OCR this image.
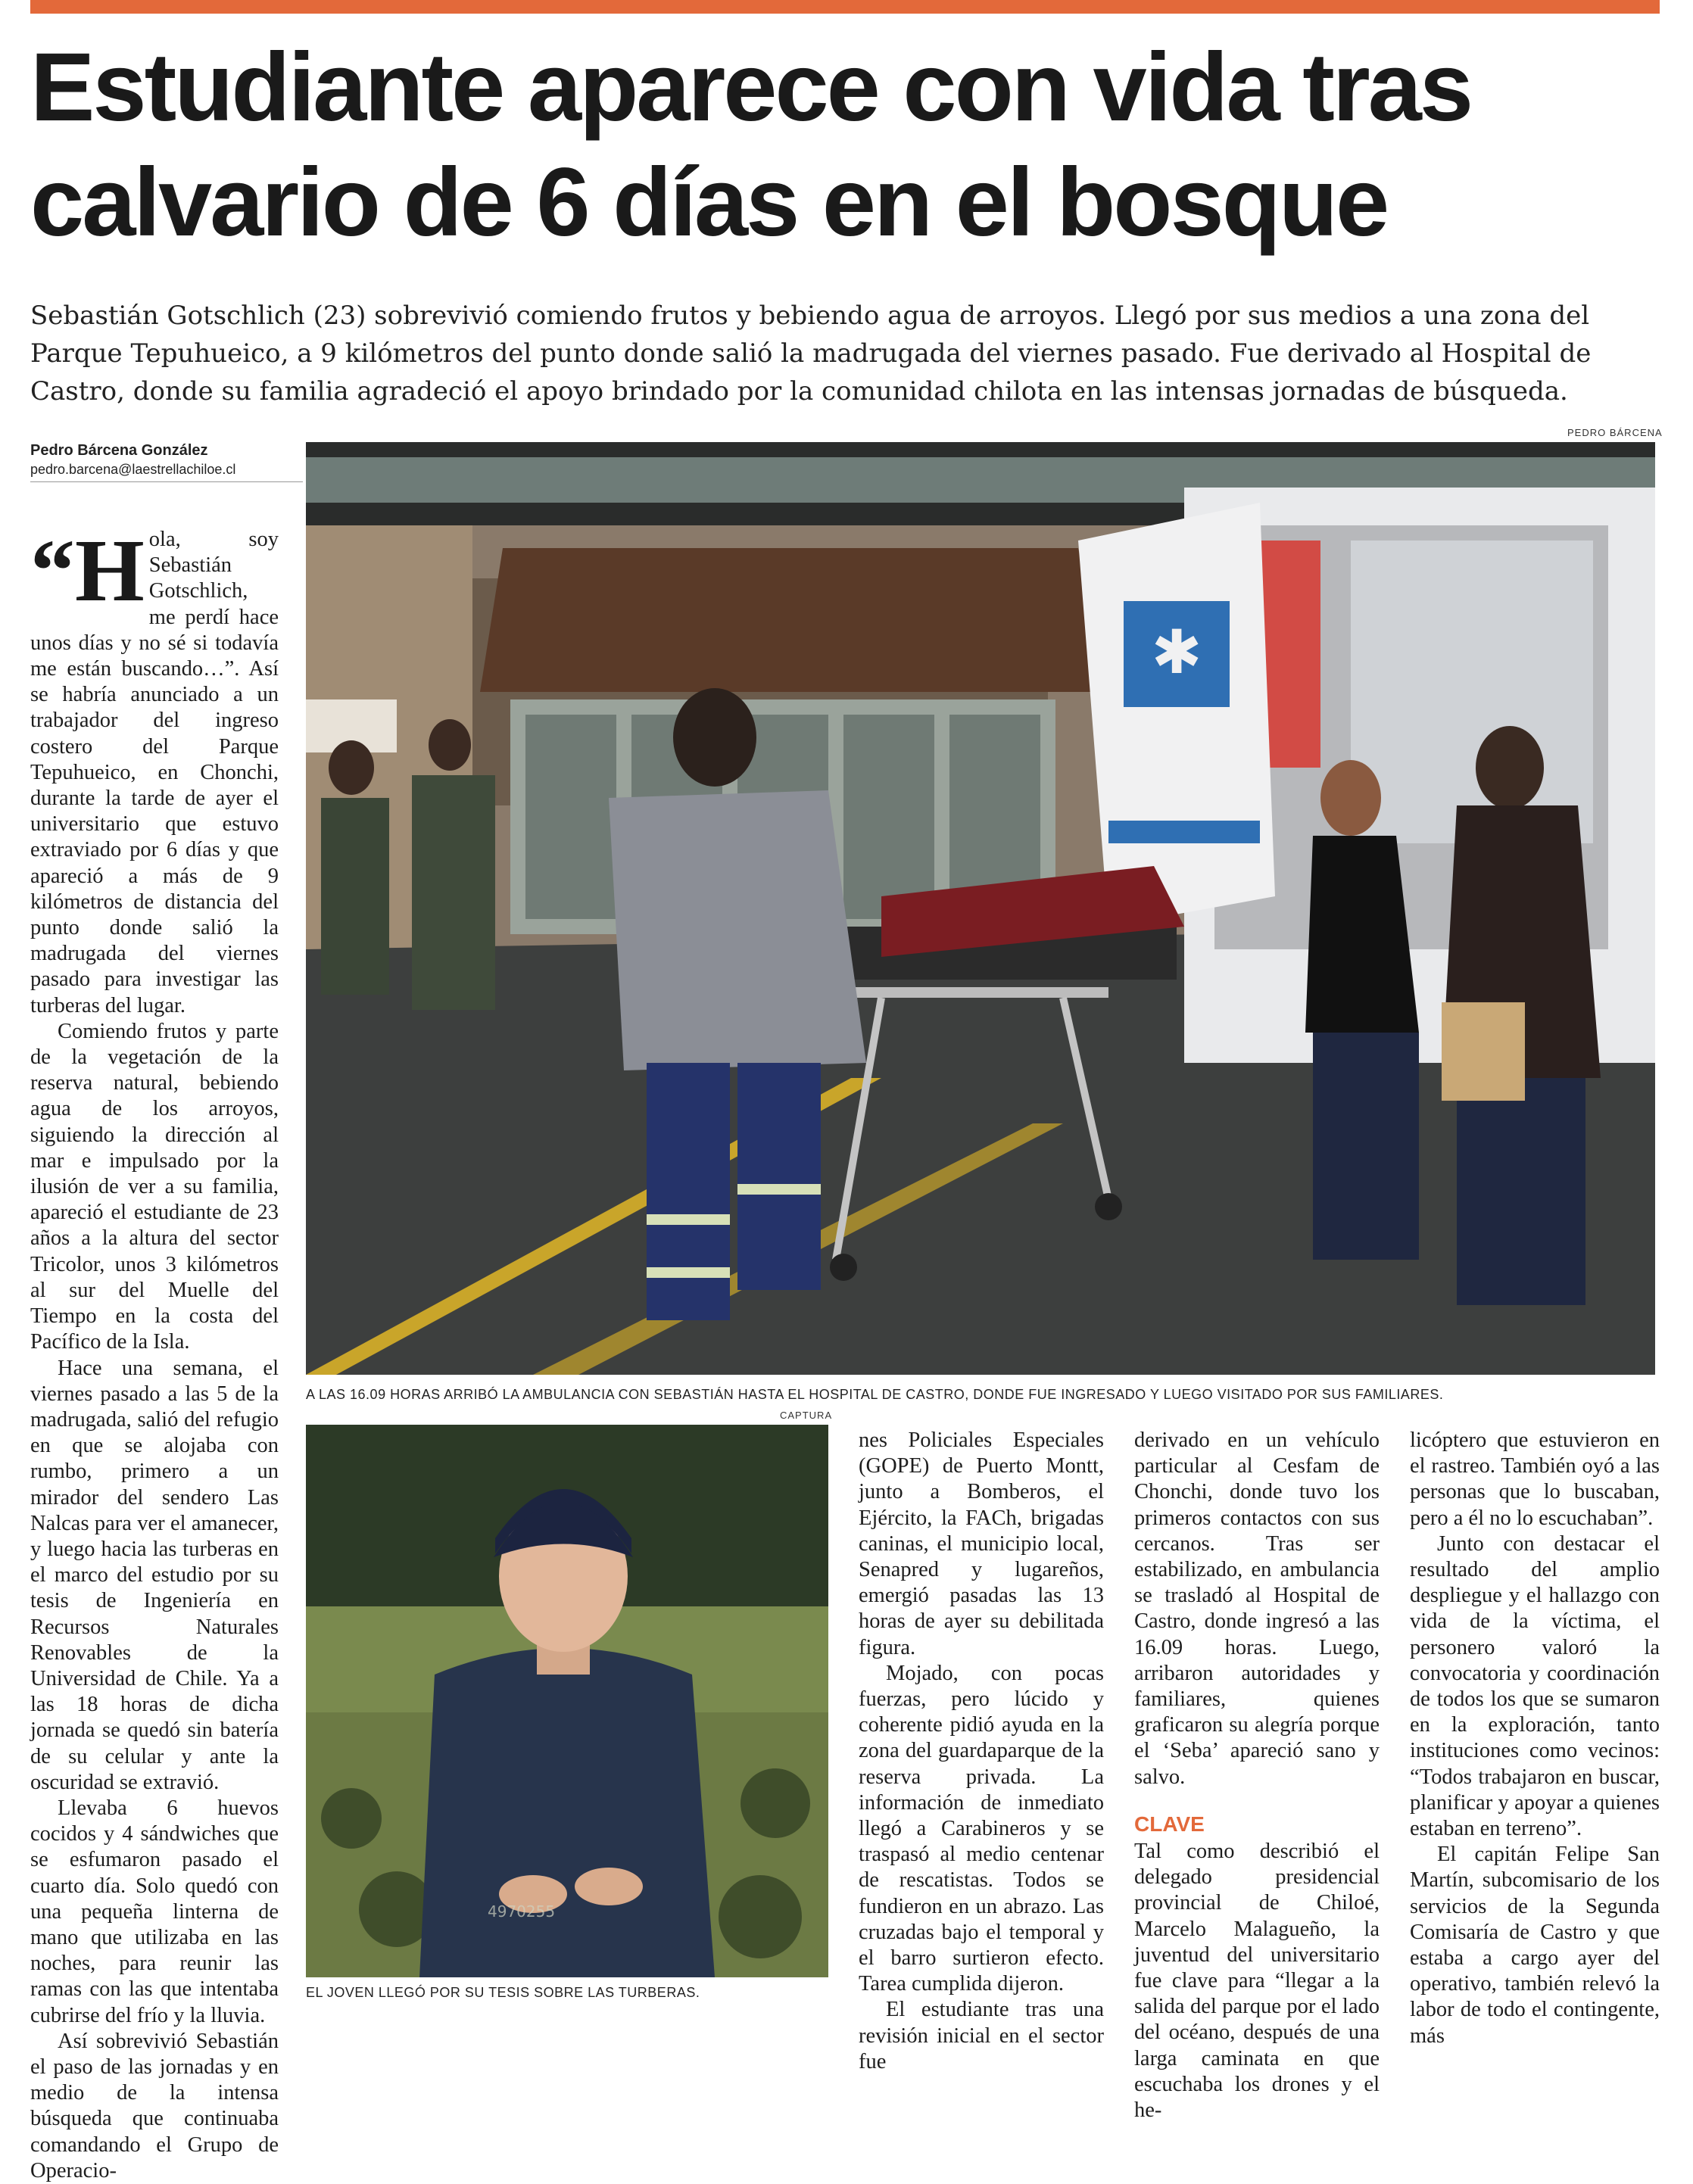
Estudiante aparece con vida tras calvario de 6 días en el bosque

Sebastián Gotschlich (23) sobrevivió comiendo frutos y bebiendo agua de arroyos. Llegó por sus medios a una zona del Parque Tepuhueico, a 9 kilómetros del punto donde salió la madrugada del viernes pasado. Fue derivado al Hospital de Castro, donde su familia agradeció el apoyo brindado por la comunidad chilota en las intensas jornadas de búsqueda.

Pedro Bárcena González
pedro.barcena@laestrellachiloe.cl
PEDRO BÁRCENA
✱
A LAS 16.09 HORAS ARRIBÓ LA AMBULANCIA CON SEBASTIÁN HASTA EL HOSPITAL DE CASTRO, DONDE FUE INGRESADO Y LUEGO VISITADO POR SUS FAMILIARES.
CAPTURA
4970255
EL JOVEN LLEGÓ POR SU TESIS SOBRE LAS TURBERAS.
“H ola, soy Sebastián Gotschlich, me perdí hace unos días y no sé si todavía me están buscando…”. Así se habría anunciado a un trabajador del ingreso costero del Parque Tepuhueico, en Chonchi, durante la tarde de ayer el universitario que estuvo extraviado por 6 días y que apareció a más de 9 kilómetros de distancia del punto donde salió la madrugada del viernes pasado para investigar las turberas del lugar.

Comiendo frutos y parte de la vegetación de la reserva natural, bebiendo agua de los arroyos, siguiendo la dirección al mar e impulsado por la ilusión de ver a su familia, apareció el estudiante de 23 años a la altura del sector Tricolor, unos 3 kilómetros al sur del Muelle del Tiempo en la costa del Pacífico de la Isla.

Hace una semana, el viernes pasado a las 5 de la madrugada, salió del refugio en que se alojaba con rumbo, primero a un mirador del sendero Las Nalcas para ver el amanecer, y luego hacia las turberas en el marco del estudio por su tesis de Ingeniería en Recursos Naturales Renovables de la Universidad de Chile. Ya a las 18 horas de dicha jornada se quedó sin batería de su celular y ante la oscuridad se extravió.

Llevaba 6 huevos cocidos y 4 sándwiches que se esfumaron pasado el cuarto día. Solo quedó con una pequeña linterna de mano que utilizaba en las noches, para reunir las ramas con las que intentaba cubrirse del frío y la lluvia.

Así sobrevivió Sebastián el paso de las jornadas y en medio de la intensa búsqueda que continuaba comandando el Grupo de Operacio-

nes Policiales Especiales (GOPE) de Puerto Montt, junto a Bomberos, el Ejército, la FACh, brigadas caninas, el municipio local, Senapred y lugareños, emergió pasadas las 13 horas de ayer su debilitada figura.

Mojado, con pocas fuerzas, pero lúcido y coherente pidió ayuda en la zona del guardaparque de la reserva privada. La información de inmediato llegó a Carabineros y se traspasó al medio centenar de rescatistas. Todos se fundieron en un abrazo. Las cruzadas bajo el temporal y el barro surtieron efecto. Tarea cumplida dijeron.

El estudiante tras una revisión inicial en el sector fue

derivado en un vehículo particular al Cesfam de Chonchi, donde tuvo los primeros contactos con sus cercanos. Tras ser estabilizado, en ambulancia se trasladó al Hospital de Castro, donde ingresó a las 16.09 horas. Luego, arribaron autoridades y familiares, quienes graficaron su alegría porque el ‘Seba’ apareció sano y salvo.

CLAVE

Tal como describió el delegado presidencial provincial de Chiloé, Marcelo Malagueño, la juventud del universitario fue clave para “llegar a la salida del parque por el lado del océano, después de una larga caminata en que escuchaba los drones y el he-

licóptero que estuvieron en el rastreo. También oyó a las personas que lo buscaban, pero a él no lo escuchaban”.

Junto con destacar el resultado del amplio despliegue y el hallazgo con vida de la víctima, el personero valoró la convocatoria y coordinación de todos los que se sumaron en la exploración, tanto instituciones como vecinos: “Todos trabajaron en buscar, planificar y apoyar a quienes estaban en terreno”.

El capitán Felipe San Martín, subcomisario de los servicios de la Segunda Comisaría de Castro y que estaba a cargo ayer del operativo, también relevó la labor de todo el contingente, más
